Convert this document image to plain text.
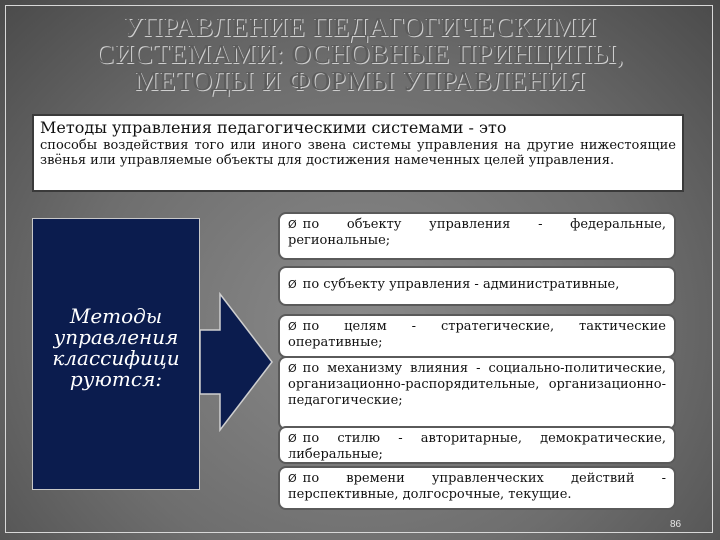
УПРАВЛЕНИЕ ПЕДАГОГИЧЕСКИМИ
СИСТЕМАМИ: ОСНОВНЫЕ ПРИНЦИПЫ,
МЕТОДЫ И ФОРМЫ УПРАВЛЕНИЯ
Методы управления педагогическими системами - это
способы воздействия того или иного звена системы управления на другие нижестоящие звёнья или управляемые объекты для достижения намеченных целей управления.
Методы
управления
классифици
руются:
Ø по объекту управления - федеральные, региональные;
Ø по субъекту управления - административные,
Ø по целям - стратегические, тактические оперативные;
Ø по механизму влияния - социально-политические, организационно-распорядительные, организационно-педагогические;
Ø по стилю - авторитарные, демократические, либеральные;
Ø по времени управленческих действий - перспективные, долгосрочные, текущие.
86
